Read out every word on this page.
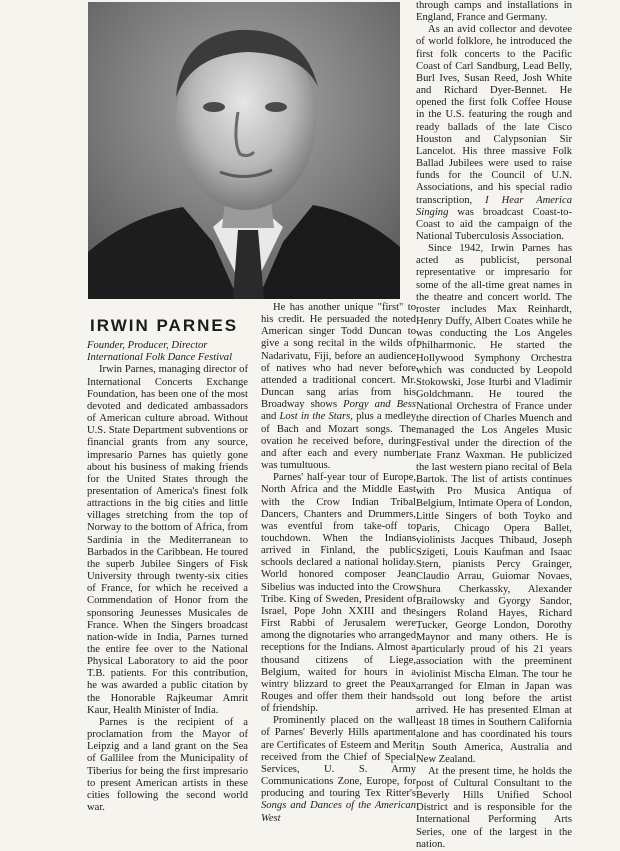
IRWIN PARNES

Founder, Producer, Director
International Folk Dance Festival

Irwin Parnes, managing director of International Concerts Exchange Foundation, has been one of the most devoted and dedicated ambassadors of American culture abroad. Without U.S. State Department subventions or financial grants from any source, impresario Parnes has quietly gone about his business of making friends for the United States through the presentation of America's finest folk attractions in the big cities and little villages stretching from the top of Norway to the bottom of Africa, from Sardinia in the Mediterranean to Barbados in the Caribbean. He toured the superb Jubilee Singers of Fisk University through twenty-six cities of France, for which he received a Commendation of Honor from the sponsoring Jeunesses Musicales de France. When the Singers broadcast nation-wide in India, Parnes turned the entire fee over to the National Physical Laboratory to aid the poor T.B. patients. For this contribution, he was awarded a public citation by the Honorable Rajkeumar Amrit Kaur, Health Minister of India.

Parnes is the recipient of a proclamation from the Mayor of Leipzig and a land grant on the Sea of Gallilee from the Municipality of Tiberius for being the first impresario to present American artists in these cities following the second world war.

He has another unique "first" to his credit. He persuaded the noted American singer Todd Duncan to give a song recital in the wilds of Nadarivatu, Fiji, before an audience of natives who had never before attended a traditional concert. Mr. Duncan sang arias from his Broadway shows Porgy and Bess and Lost in the Stars, plus a medley of Bach and Mozart songs. The ovation he received before, during and after each and every number was tumultuous.

Parnes' half-year tour of Europe, North Africa and the Middle East with the Crow Indian Tribal Dancers, Chanters and Drummers, was eventful from take-off to touchdown. When the Indians arrived in Finland, the public schools declared a national holiday. World honored composer Jean Sibelius was inducted into the Crow Tribe. King of Sweden, President of Israel, Pope John XXIII and the First Rabbi of Jerusalem were among the dignotaries who arranged receptions for the Indians. Almost a thousand citizens of Liege, Belgium, waited for hours in a wintry blizzard to greet the Peaux Rouges and offer them their hands of friendship.

Prominently placed on the wall of Parnes' Beverly Hills apartment are Certificates of Esteem and Merit received from the Chief of Special Services, U. S. Army Communications Zone, Europe, for producing and touring Tex Ritter's Songs and Dances of the American West

through camps and installations in England, France and Germany.

As an avid collector and devotee of world folklore, he introduced the first folk concerts to the Pacific Coast of Carl Sandburg, Lead Belly, Burl Ives, Susan Reed, Josh White and Richard Dyer-Bennet. He opened the first folk Coffee House in the U.S. featuring the rough and ready ballads of the late Cisco Houston and Calypsonian Sir Lancelot. His three massive Folk Ballad Jubilees were used to raise funds for the Council of U.N. Associations, and his special radio transcription, I Hear America Singing was broadcast Coast-to-Coast to aid the campaign of the National Tuberculosis Association.

Since 1942, Irwin Parnes has acted as publicist, personal representative or impresario for some of the all-time great names in the theatre and concert world. The roster includes Max Reinhardt, Henry Duffy, Albert Coates while he was conducting the Los Angeles Philharmonic. He started the Hollywood Symphony Orchestra which was conducted by Leopold Stokowski, Jose Iturbi and Vladimir Goldchmann. He toured the National Orchestra of France under the direction of Charles Muench and managed the Los Angeles Music Festival under the direction of the late Franz Waxman. He publicized the last western piano recital of Bela Bartok. The list of artists continues with Pro Musica Antiqua of Belgium, Intimate Opera of London, Little Singers of both Toyko and Paris, Chicago Opera Ballet, violinists Jacques Thibaud, Joseph Szigeti, Louis Kaufman and Isaac Stern, pianists Percy Grainger, Claudio Arrau, Guiomar Novaes, Shura Cherkassky, Alexander Brailowsky and Gyorgy Sandor, singers Roland Hayes, Richard Tucker, George London, Dorothy Maynor and many others. He is particularly proud of his 21 years association with the preeminent violinist Mischa Elman. The tour he arranged for Elman in Japan was sold out long before the artist arrived. He has presented Elman at least 18 times in Southern California alone and has coordinated his tours in South America, Australia and New Zealand.

At the present time, he holds the post of Cultural Consultant to the Beverly Hills Unified School District and is responsible for the International Performing Arts Series, one of the largest in the nation.
